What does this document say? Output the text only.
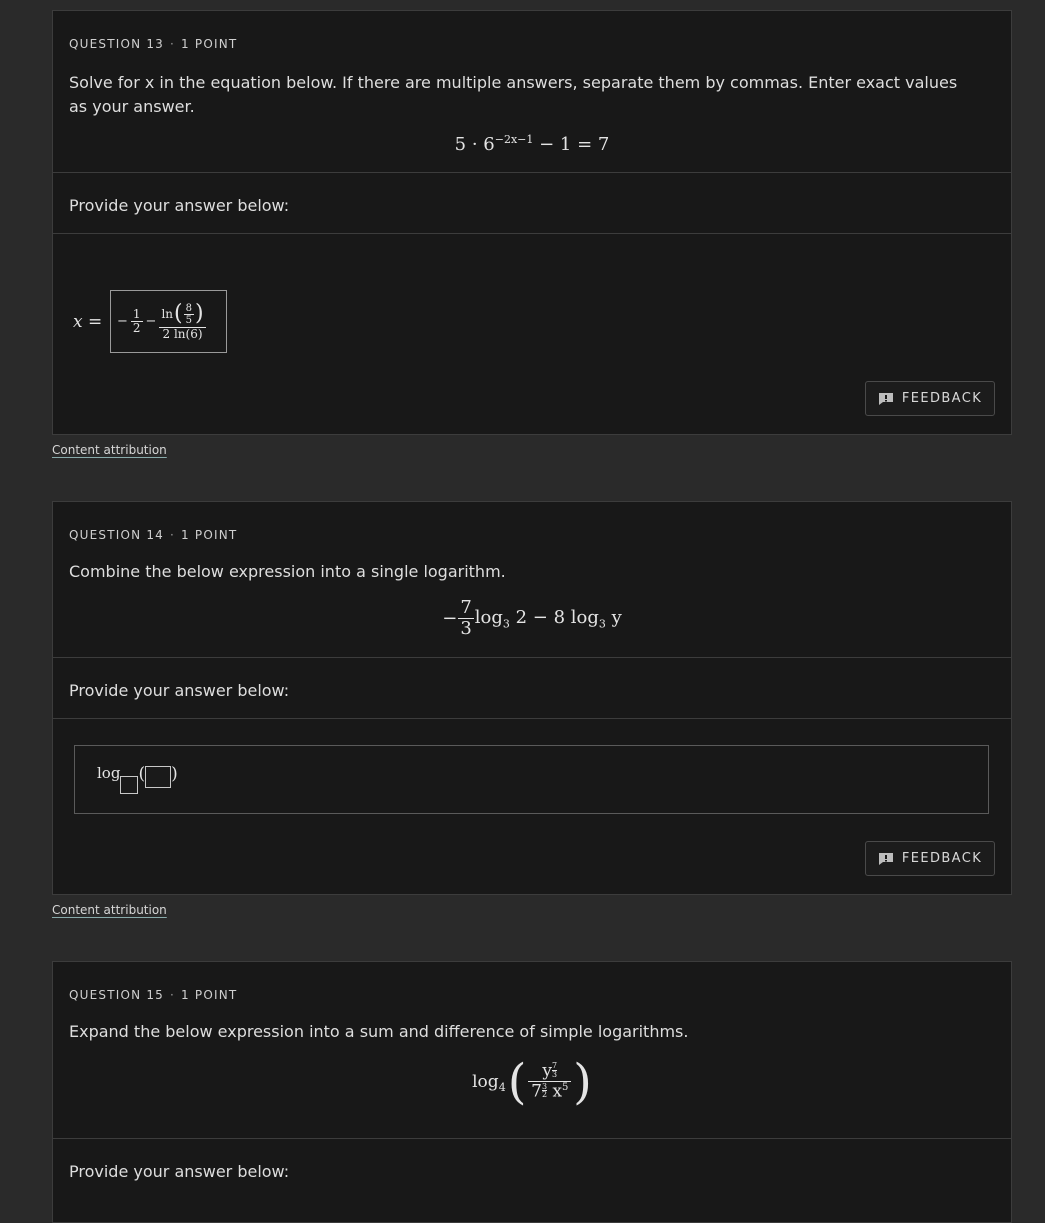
QUESTION 13 · 1 POINT
Solve for x in the equation below. If there are multiple answers, separate them by commas. Enter exact values as your answer.
$5 \cdot 6^{-2x-1} - 1 = 7$
Provide your answer below:
x = − $\frac{1}{2} - \frac{\ln ( \frac{8}{5} )}{2 \ln(6)}$
FEEDBACK
Content attribution
QUESTION 14 · 1 POINT
Combine the below expression into a single logarithm.
− $\frac{7}{3} \log_3 2 - 8$ $\log_3 y$
Provide your answer below:
log ( )
FEEDBACK
Content attribution
QUESTION 15 · 1 POINT
Expand the below expression into a sum and difference of simple logarithms.
$\log_4$ ( y $^{\frac{7}{3}}$
7 $^{\frac{3}{2}}$ $x^5$ )
Provide your answer below:
